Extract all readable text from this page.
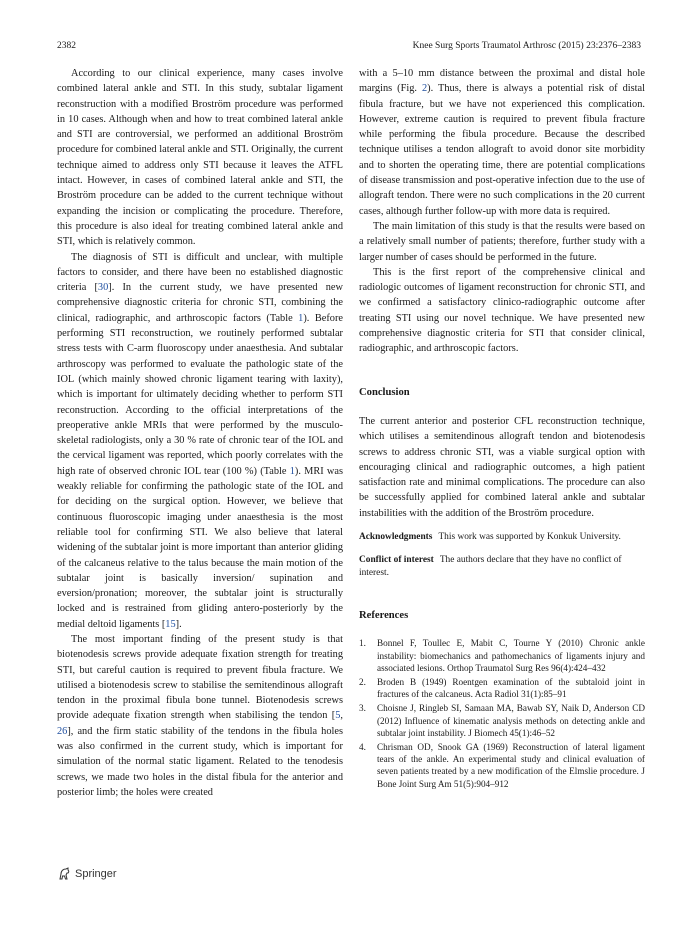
2382	Knee Surg Sports Traumatol Arthrosc (2015) 23:2376–2383

According to our clinical experience, many cases involve combined lateral ankle and STI. In this study, subtalar ligament reconstruction with a modified Broström procedure was performed in 10 cases. Although when and how to treat combined lateral ankle and STI are controversial, we performed an additional Broström procedure for combined lateral ankle and STI. Originally, the current technique aimed to address only STI because it leaves the ATFL intact. However, in cases of combined lateral ankle and STI, the Broström procedure can be added to the current technique without expanding the incision or complicating the procedure. Therefore, this procedure is also ideal for treating combined lateral ankle and STI, which is relatively common.

The diagnosis of STI is difficult and unclear, with multiple factors to consider, and there have been no established diagnostic criteria [30]. In the current study, we have presented new comprehensive diagnostic criteria for chronic STI, combining the clinical, radiographic, and arthroscopic factors (Table 1). Before performing STI reconstruction, we routinely performed subtalar stress tests with C-arm fluoroscopy under anaesthesia. And subtalar arthroscopy was performed to evaluate the pathologic state of the IOL (which mainly showed chronic ligament tearing with laxity), which is important for ultimately deciding whether to perform STI reconstruction. According to the official interpretations of the preoperative ankle MRIs that were performed by the musculo-skeletal radiologists, only a 30 % rate of chronic tear of the IOL and the cervical ligament was reported, which poorly correlates with the high rate of observed chronic IOL tear (100 %) (Table 1). MRI was weakly reliable for confirming the pathologic state of the IOL and for deciding on the surgical option. However, we believe that continuous fluoroscopic imaging under anaesthesia is the most reliable tool for confirming STI. We also believe that lateral widening of the subtalar joint is more important than anterior gliding of the calcaneus relative to the talus because the main motion of the subtalar joint is basically inversion/ supination and eversion/pronation; moreover, the subtalar joint is structurally locked and is restrained from gliding antero-posteriorly by the medial deltoid ligaments [15].

The most important finding of the present study is that biotenodesis screws provide adequate fixation strength for treating STI, but careful caution is required to prevent fibula fracture. We utilised a biotenodesis screw to stabilise the semitendinous allograft tendon in the proximal fibula bone tunnel. Biotenodesis screws provide adequate fixation strength when stabilising the tendon [5, 26], and the firm static stability of the tendons in the fibula holes was also confirmed in the current study, which is important for simulation of the normal static ligament. Related to the tenodesis screws, we made two holes in the distal fibula for the anterior and posterior limb; the holes were created

with a 5–10 mm distance between the proximal and distal hole margins (Fig. 2). Thus, there is always a potential risk of distal fibula fracture, but we have not experienced this complication. However, extreme caution is required to prevent fibula fracture while performing the fibula procedure. Because the described technique utilises a tendon allograft to avoid donor site morbidity and to shorten the operating time, there are potential complications of disease transmission and post-operative infection due to the use of allograft tendon. There were no such complications in the 20 current cases, although further follow-up with more data is required.

The main limitation of this study is that the results were based on a relatively small number of patients; therefore, further study with a larger number of cases should be performed in the future.

This is the first report of the comprehensive clinical and radiologic outcomes of ligament reconstruction for chronic STI, and we confirmed a satisfactory clinico-radiographic outcome after treating STI using our novel technique. We have presented new comprehensive diagnostic criteria for STI that consider clinical, radiographic, and arthroscopic factors.

Conclusion

The current anterior and posterior CFL reconstruction technique, which utilises a semitendinous allograft tendon and biotenodesis screws to address chronic STI, was a viable surgical option with encouraging clinical and radiographic outcomes, a high patient satisfaction rate and minimal complications. The procedure can also be successfully applied for combined lateral ankle and subtalar instabilities with the addition of the Broström procedure.

Acknowledgments This work was supported by Konkuk University.

Conflict of interest The authors declare that they have no conflict of interest.

References
1. Bonnel F, Toullec E, Mabit C, Tourne Y (2010) Chronic ankle instability: biomechanics and pathomechanics of ligaments injury and associated lesions. Orthop Traumatol Surg Res 96(4):424–432
2. Broden B (1949) Roentgen examination of the subtaloid joint in fractures of the calcaneus. Acta Radiol 31(1):85–91
3. Choisne J, Ringleb SI, Samaan MA, Bawab SY, Naik D, Anderson CD (2012) Influence of kinematic analysis methods on detecting ankle and subtalar joint instability. J Biomech 45(1):46–52
4. Chrisman OD, Snook GA (1969) Reconstruction of lateral ligament tears of the ankle. An experimental study and clinical evaluation of seven patients treated by a new modification of the Elmslie procedure. J Bone Joint Surg Am 51(5):904–912
Springer
